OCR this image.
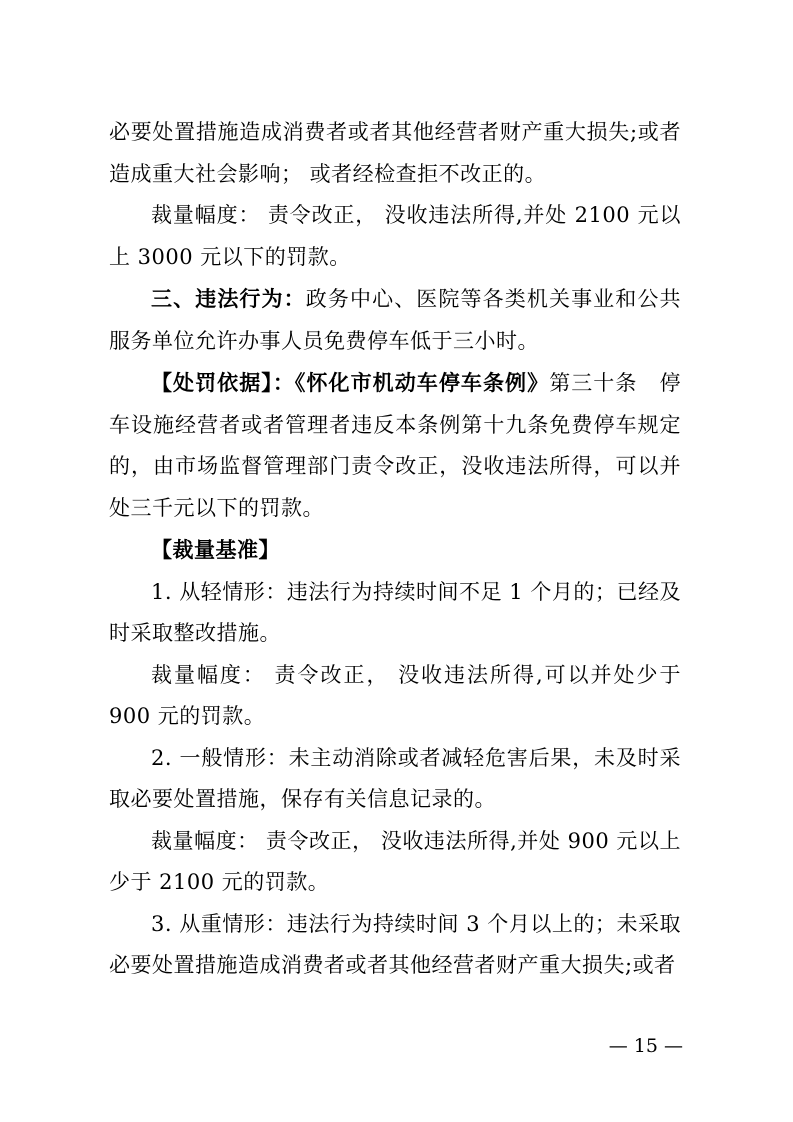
必要处置措施造成消费者或者其他经营者财产重大损失;或者造成重大社会影响； 或者经检查拒不改正的。

裁量幅度： 责令改正， 没收违法所得,并处 2100 元以上 3000 元以下的罚款。

三、违法行为：政务中心、医院等各类机关事业和公共服务单位允许办事人员免费停车低于三小时。

【处罚依据】：《怀化市机动车停车条例》第三十条　停车设施经营者或者管理者违反本条例第十九条免费停车规定的，由市场监督管理部门责令改正，没收违法所得，可以并处三千元以下的罚款。

【裁量基准】

1. 从轻情形：违法行为持续时间不足 1 个月的；已经及时采取整改措施。

裁量幅度： 责令改正， 没收违法所得,可以并处少于 900 元的罚款。

2. 一般情形：未主动消除或者减轻危害后果，未及时采取必要处置措施，保存有关信息记录的。

裁量幅度： 责令改正， 没收违法所得,并处 900 元以上少于 2100 元的罚款。

3. 从重情形：违法行为持续时间 3 个月以上的；未采取必要处置措施造成消费者或者其他经营者财产重大损失;或者

— 15 —
